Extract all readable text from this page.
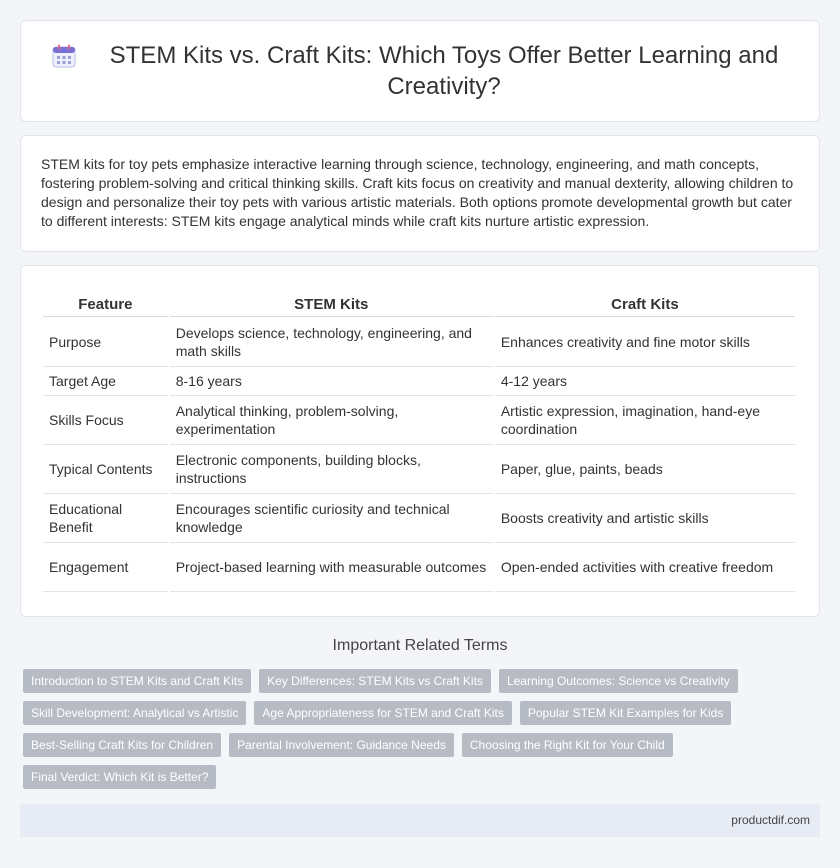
STEM Kits vs. Craft Kits: Which Toys Offer Better Learning and Creativity?

STEM kits for toy pets emphasize interactive learning through science, technology, engineering, and math concepts, fostering problem-solving and critical thinking skills. Craft kits focus on creativity and manual dexterity, allowing children to design and personalize their toy pets with various artistic materials. Both options promote developmental growth but cater to different interests: STEM kits engage analytical minds while craft kits nurture artistic expression.

Feature	STEM Kits	Craft Kits
Purpose	Develops science, technology, engineering, and math skills	Enhances creativity and fine motor skills
Target Age	8-16 years	4-12 years
Skills Focus	Analytical thinking, problem-solving, experimentation	Artistic expression, imagination, hand-eye coordination
Typical Contents	Electronic components, building blocks, instructions	Paper, glue, paints, beads
Educational Benefit	Encourages scientific curiosity and technical knowledge	Boosts creativity and artistic skills
Engagement	Project-based learning with measurable outcomes	Open-ended activities with creative freedom
Important Related Terms
Introduction to STEM Kits and Craft Kits	Key Differences: STEM Kits vs Craft Kits	Learning Outcomes: Science vs Creativity
Skill Development: Analytical vs Artistic	Age Appropriateness for STEM and Craft Kits	Popular STEM Kit Examples for Kids
Best-Selling Craft Kits for Children	Parental Involvement: Guidance Needs	Choosing the Right Kit for Your Child
Final Verdict: Which Kit is Better?
productdif.com
